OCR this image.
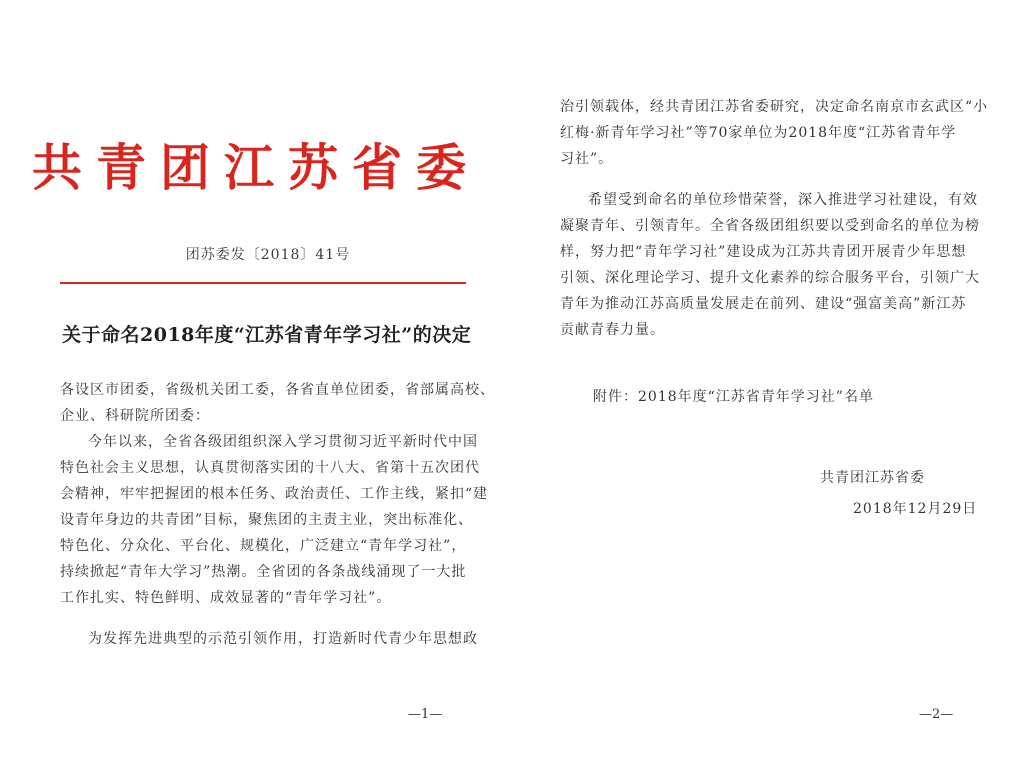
共青团江苏省委
团苏委发〔2018〕41号
关于命名2018年度“江苏省青年学习社”的决定
各设区市团委，省级机关团工委，各省直单位团委，省部属高校、
企业、科研院所团委：
今年以来，全省各级团组织深入学习贯彻习近平新时代中国
特色社会主义思想，认真贯彻落实团的十八大、省第十五次团代
会精神，牢牢把握团的根本任务、政治责任、工作主线，紧扣“建
设青年身边的共青团”目标，聚焦团的主责主业，突出标准化、
特色化、分众化、平台化、规模化，广泛建立“青年学习社”，
持续掀起“青年大学习”热潮。全省团的各条战线涌现了一大批
工作扎实、特色鲜明、成效显著的“青年学习社”。
为发挥先进典型的示范引领作用，打造新时代青少年思想政
—1—
治引领载体，经共青团江苏省委研究，决定命名南京市玄武区“小
红梅·新青年学习社”等70家单位为2018年度“江苏省青年学
习社”。
希望受到命名的单位珍惜荣誉，深入推进学习社建设，有效
凝聚青年、引领青年。全省各级团组织要以受到命名的单位为榜
样，努力把“青年学习社”建设成为江苏共青团开展青少年思想
引领、深化理论学习、提升文化素养的综合服务平台，引领广大
青年为推动江苏高质量发展走在前列、建设“强富美高”新江苏
贡献青春力量。
附件：2018年度“江苏省青年学习社”名单
共青团江苏省委
2018年12月29日
—2—
